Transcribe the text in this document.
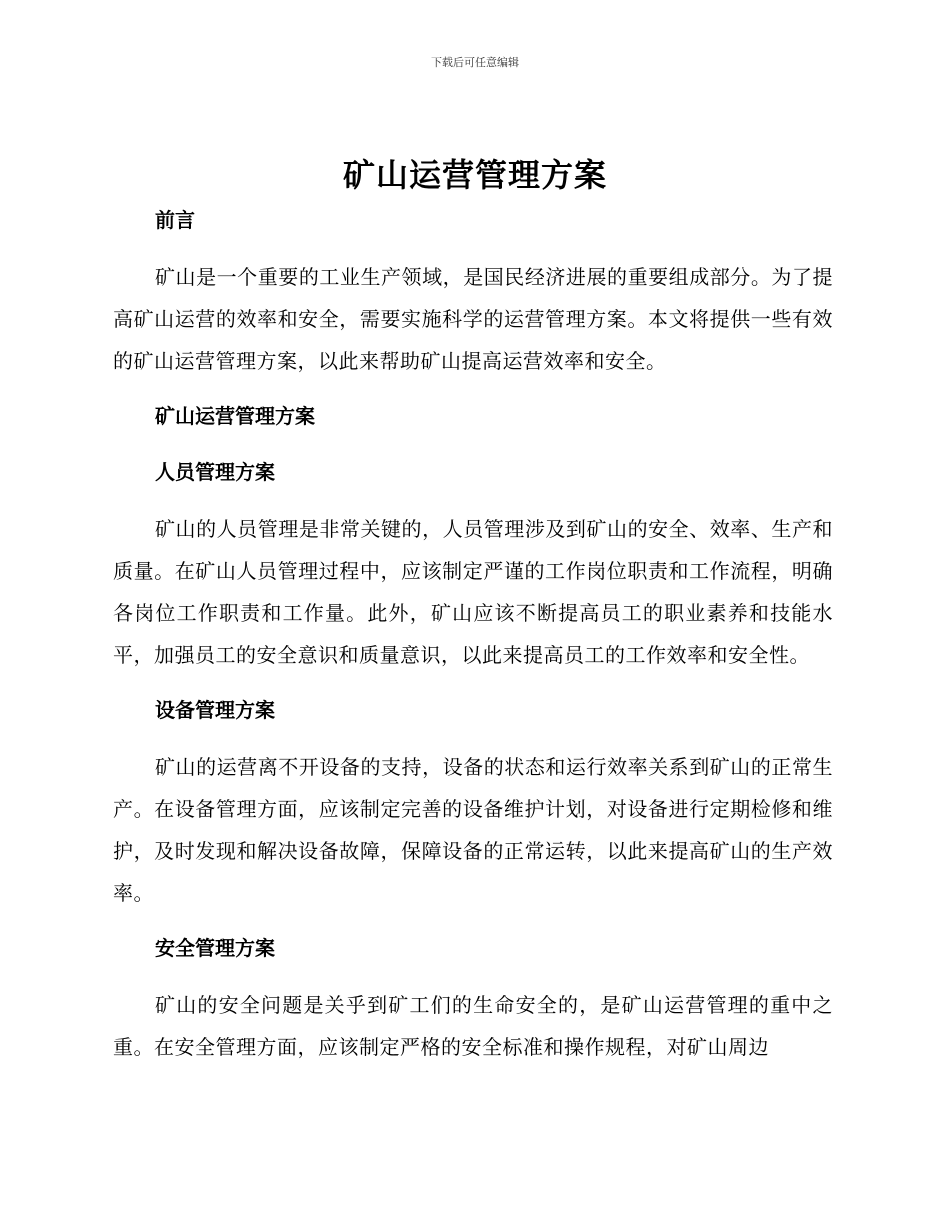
下载后可任意编辑
矿山运营管理方案
前言
矿山是一个重要的工业生产领域，是国民经济进展的重要组成部分。为了提高矿山运营的效率和安全，需要实施科学的运营管理方案。本文将提供一些有效的矿山运营管理方案，以此来帮助矿山提高运营效率和安全。
矿山运营管理方案
人员管理方案
矿山的人员管理是非常关键的，人员管理涉及到矿山的安全、效率、生产和质量。在矿山人员管理过程中，应该制定严谨的工作岗位职责和工作流程，明确各岗位工作职责和工作量。此外，矿山应该不断提高员工的职业素养和技能水平，加强员工的安全意识和质量意识，以此来提高员工的工作效率和安全性。
设备管理方案
矿山的运营离不开设备的支持，设备的状态和运行效率关系到矿山的正常生产。在设备管理方面，应该制定完善的设备维护计划，对设备进行定期检修和维护，及时发现和解决设备故障，保障设备的正常运转，以此来提高矿山的生产效率。
安全管理方案
矿山的安全问题是关乎到矿工们的生命安全的，是矿山运营管理的重中之重。在安全管理方面，应该制定严格的安全标准和操作规程，对矿山周边
